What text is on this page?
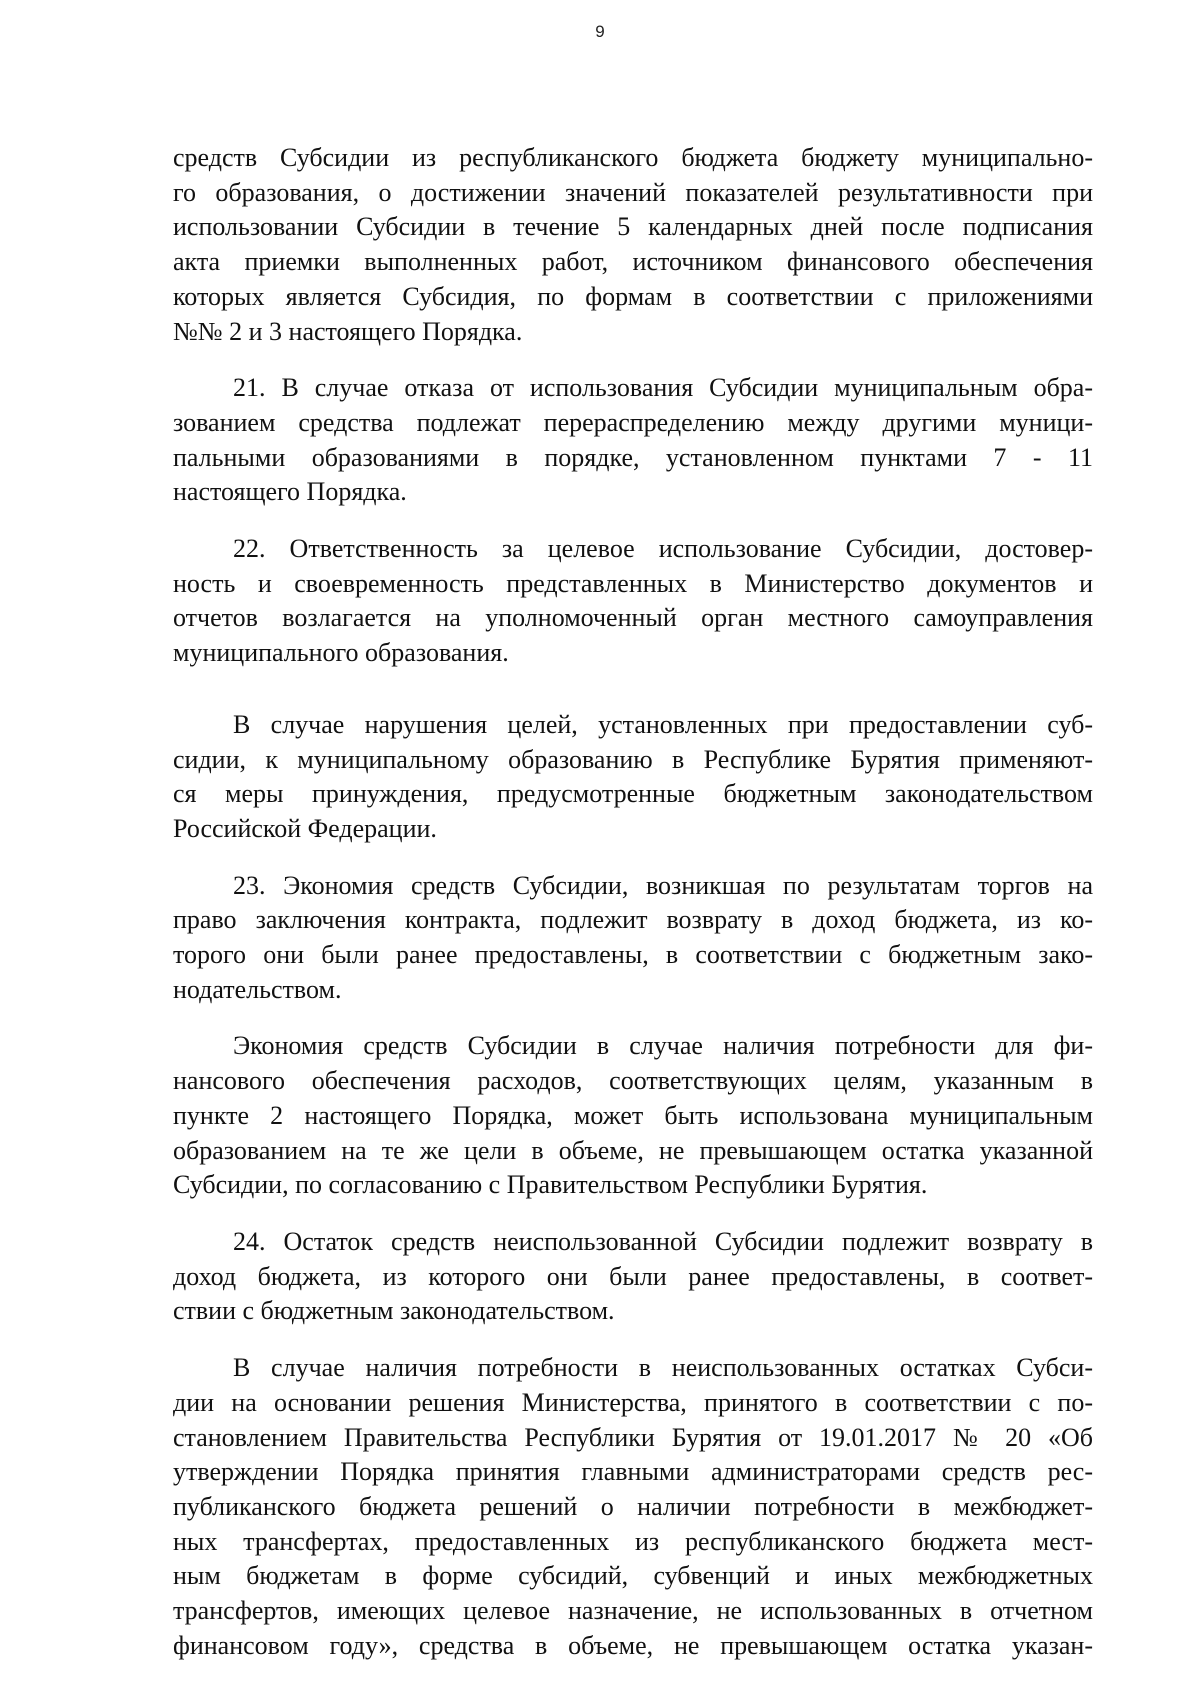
9

средств Субсидии из республиканского бюджета бюджету муниципально-
го образования, о достижении значений показателей результативности при
использовании Субсидии в течение 5 календарных дней после подписания
акта приемки выполненных работ, источником финансового обеспечения
которых является Субсидия, по формам в соответствии с приложениями
№№ 2 и 3 настоящего Порядка.

21. В случае отказа от использования Субсидии муниципальным обра-
зованием средства подлежат перераспределению между другими муници-
пальными образованиями в порядке, установленном пунктами 7 - 11
настоящего Порядка.

22. Ответственность за целевое использование Субсидии, достовер-
ность и своевременность представленных в Министерство документов и
отчетов возлагается на уполномоченный орган местного самоуправления
муниципального образования.

В случае нарушения целей, установленных при предоставлении суб-
сидии, к муниципальному образованию в Республике Бурятия применяют-
ся меры принуждения, предусмотренные бюджетным законодательством
Российской Федерации.

23. Экономия средств Субсидии, возникшая по результатам торгов на
право заключения контракта, подлежит возврату в доход бюджета, из ко-
торого они были ранее предоставлены, в соответствии с бюджетным зако-
нодательством.

Экономия средств Субсидии в случае наличия потребности для фи-
нансового обеспечения расходов, соответствующих целям, указанным в
пункте 2 настоящего Порядка, может быть использована муниципальным
образованием на те же цели в объеме, не превышающем остатка указанной
Субсидии, по согласованию с Правительством Республики Бурятия.

24. Остаток средств неиспользованной Субсидии подлежит возврату в
доход бюджета, из которого они были ранее предоставлены, в соответ-
ствии с бюджетным законодательством.

В случае наличия потребности в неиспользованных остатках Субси-
дии на основании решения Министерства, принятого в соответствии с по-
становлением Правительства Республики Бурятия от 19.01.2017 № 20 «Об
утверждении Порядка принятия главными администраторами средств рес-
публиканского бюджета решений о наличии потребности в межбюджет-
ных трансфертах, предоставленных из республиканского бюджета мест-
ным бюджетам в форме субсидий, субвенций и иных межбюджетных
трансфертов, имеющих целевое назначение, не использованных в отчетном
финансовом году», средства в объеме, не превышающем остатка указан-
